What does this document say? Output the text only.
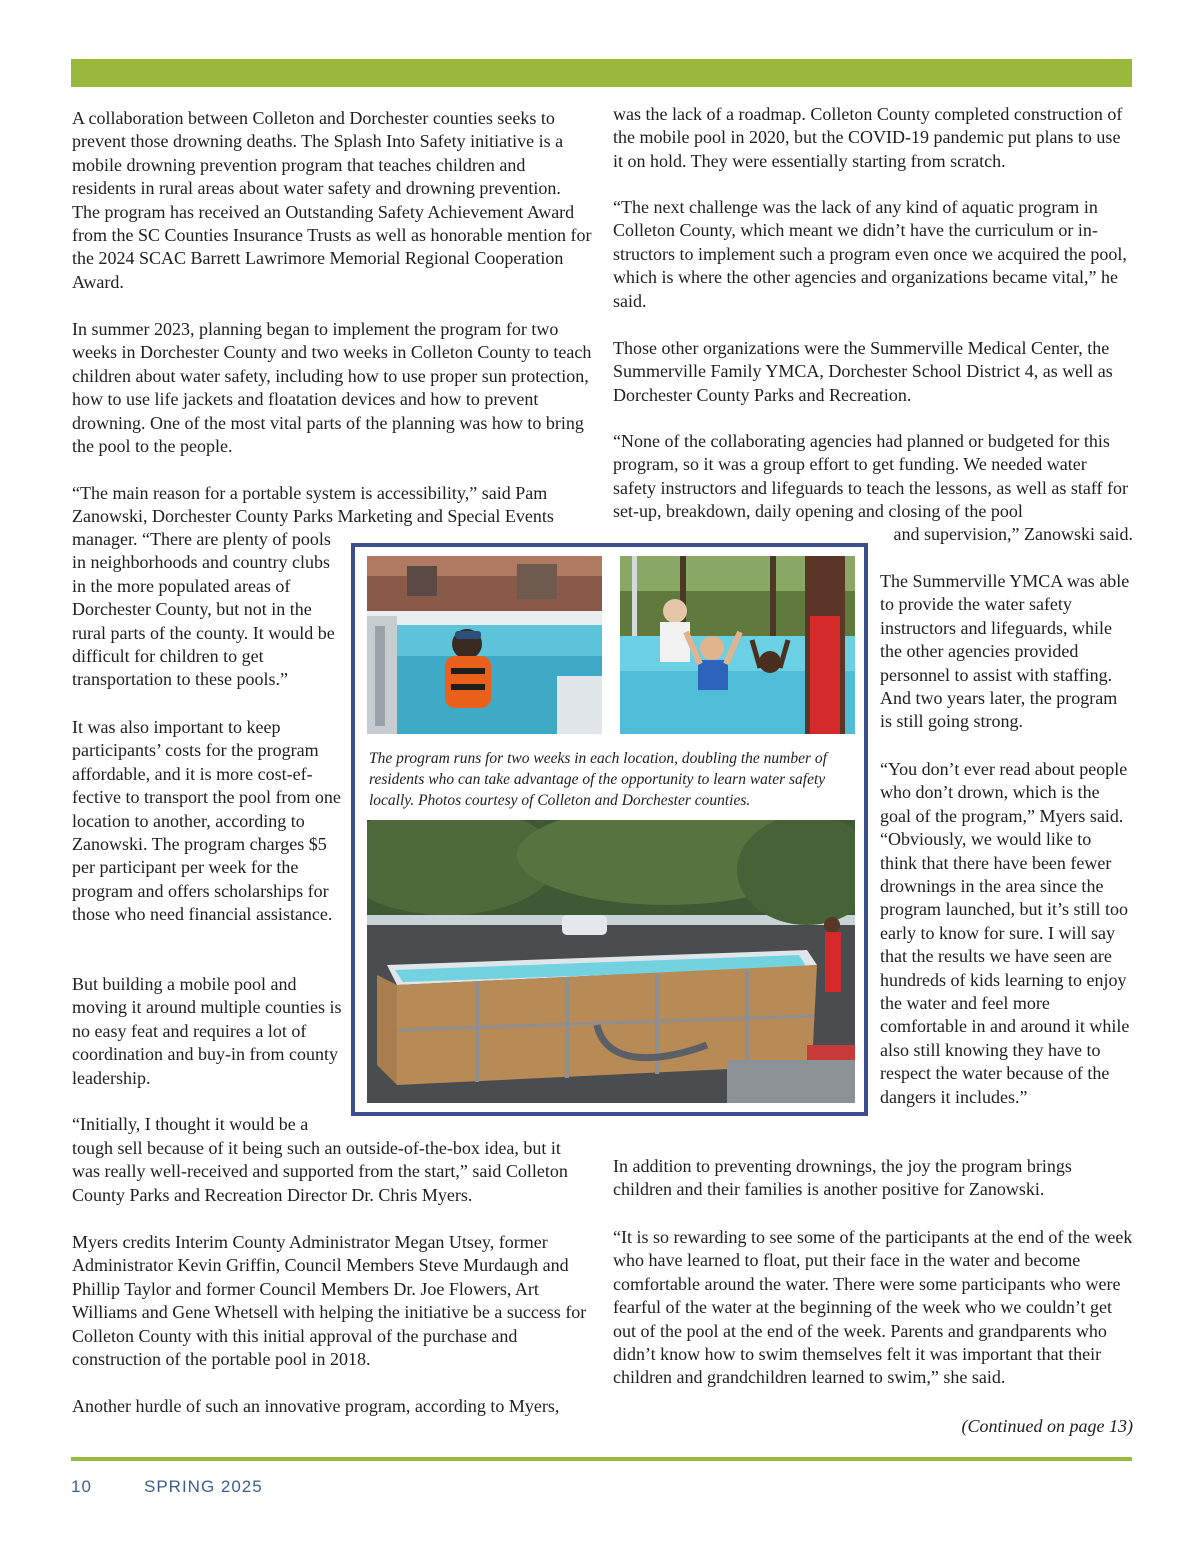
A collaboration between Colleton and Dorchester counties seeks to prevent those drowning deaths. The Splash Into Safety initiative is a mobile drowning prevention program that teaches children and residents in rural areas about water safety and drowning prevention. The program has received an Outstanding Safety Achievement Award from the SC Counties Insurance Trusts as well as honorable mention for the 2024 SCAC Barrett Lawrimore Memorial Regional Cooperation Award.

In summer 2023, planning began to implement the program for two weeks in Dorchester County and two weeks in Colleton County to teach children about water safety, including how to use proper sun protection, how to use life jackets and floatation devices and how to prevent drowning. One of the most vital parts of the planning was how to bring the pool to the people.

“The main reason for a portable system is accessibility,” said Pam Zanowski, Dorchester County Parks Marketing and Special Events

manager. “There are plenty of pools in neighborhoods and country clubs in the more populated areas of Dorchester County, but not in the rural parts of the county. It would be difficult for children to get transportation to these pools.”

It was also important to keep participants’ costs for the program affordable, and it is more cost-effective to transport the pool from one location to another, according to Zanowski. The program charges $5 per participant per week for the program and offers scholarships for those who need financial assistance.

But building a mobile pool and moving it around multiple counties is no easy feat and requires a lot of coordination and buy-in from county leadership.

“Initially, I thought it would be a

tough sell because of it being such an outside-of-the-box idea, but it was really well-received and supported from the start,” said Colleton County Parks and Recreation Director Dr. Chris Myers.

Myers credits Interim County Administrator Megan Utsey, former Administrator Kevin Griffin, Council Members Steve Murdaugh and Phillip Taylor and former Council Members Dr. Joe Flowers, Art Williams and Gene Whetsell with helping the initiative be a success for Colleton County with this initial approval of the purchase and construction of the portable pool in 2018.

Another hurdle of such an innovative program, according to Myers,

was the lack of a roadmap. Colleton County completed construction of the mobile pool in 2020, but the COVID-19 pandemic put plans to use it on hold. They were essentially starting from scratch.

“The next challenge was the lack of any kind of aquatic program in Colleton County, which meant we didn’t have the curriculum or instructors to implement such a program even once we acquired the pool, which is where the other agencies and organizations became vital,” he said.

Those other organizations were the Summerville Medical Center, the Summerville Family YMCA, Dorchester School District 4, as well as Dorchester County Parks and Recreation.

“None of the collaborating agencies had planned or budgeted for this program, so it was a group effort to get funding. We needed water safety instructors and lifeguards to teach the lessons, as well as staff for set-up, breakdown, daily opening and closing of the pool

and supervision,” Zanowski said.

The Summerville YMCA was able to provide the water safety instructors and lifeguards, while the other agencies provided personnel to assist with staffing. And two years later, the program is still going strong.

“You don’t ever read about people who don’t drown, which is the goal of the program,” Myers said. “Obviously, we would like to think that there have been fewer drownings in the area since the program launched, but it’s still too early to know for sure. I will say that the results we have seen are hundreds of kids learning to enjoy the water and feel more comfortable in and around it while also still knowing they have to respect the water because of the dangers it includes.”

In addition to preventing drownings, the joy the program brings children and their families is another positive for Zanowski.

“It is so rewarding to see some of the participants at the end of the week who have learned to float, put their face in the water and become comfortable around the water. There were some participants who were fearful of the water at the beginning of the week who we couldn’t get out of the pool at the end of the week. Parents and grandparents who didn’t know how to swim themselves felt it was important that their children and grandchildren learned to swim,” she said.

(Continued on page 13)

The program runs for two weeks in each location, doubling the number of residents who can take advantage of the opportunity to learn water safety locally. Photos courtesy of Colleton and Dorchester counties.

10	SPRING 2025
